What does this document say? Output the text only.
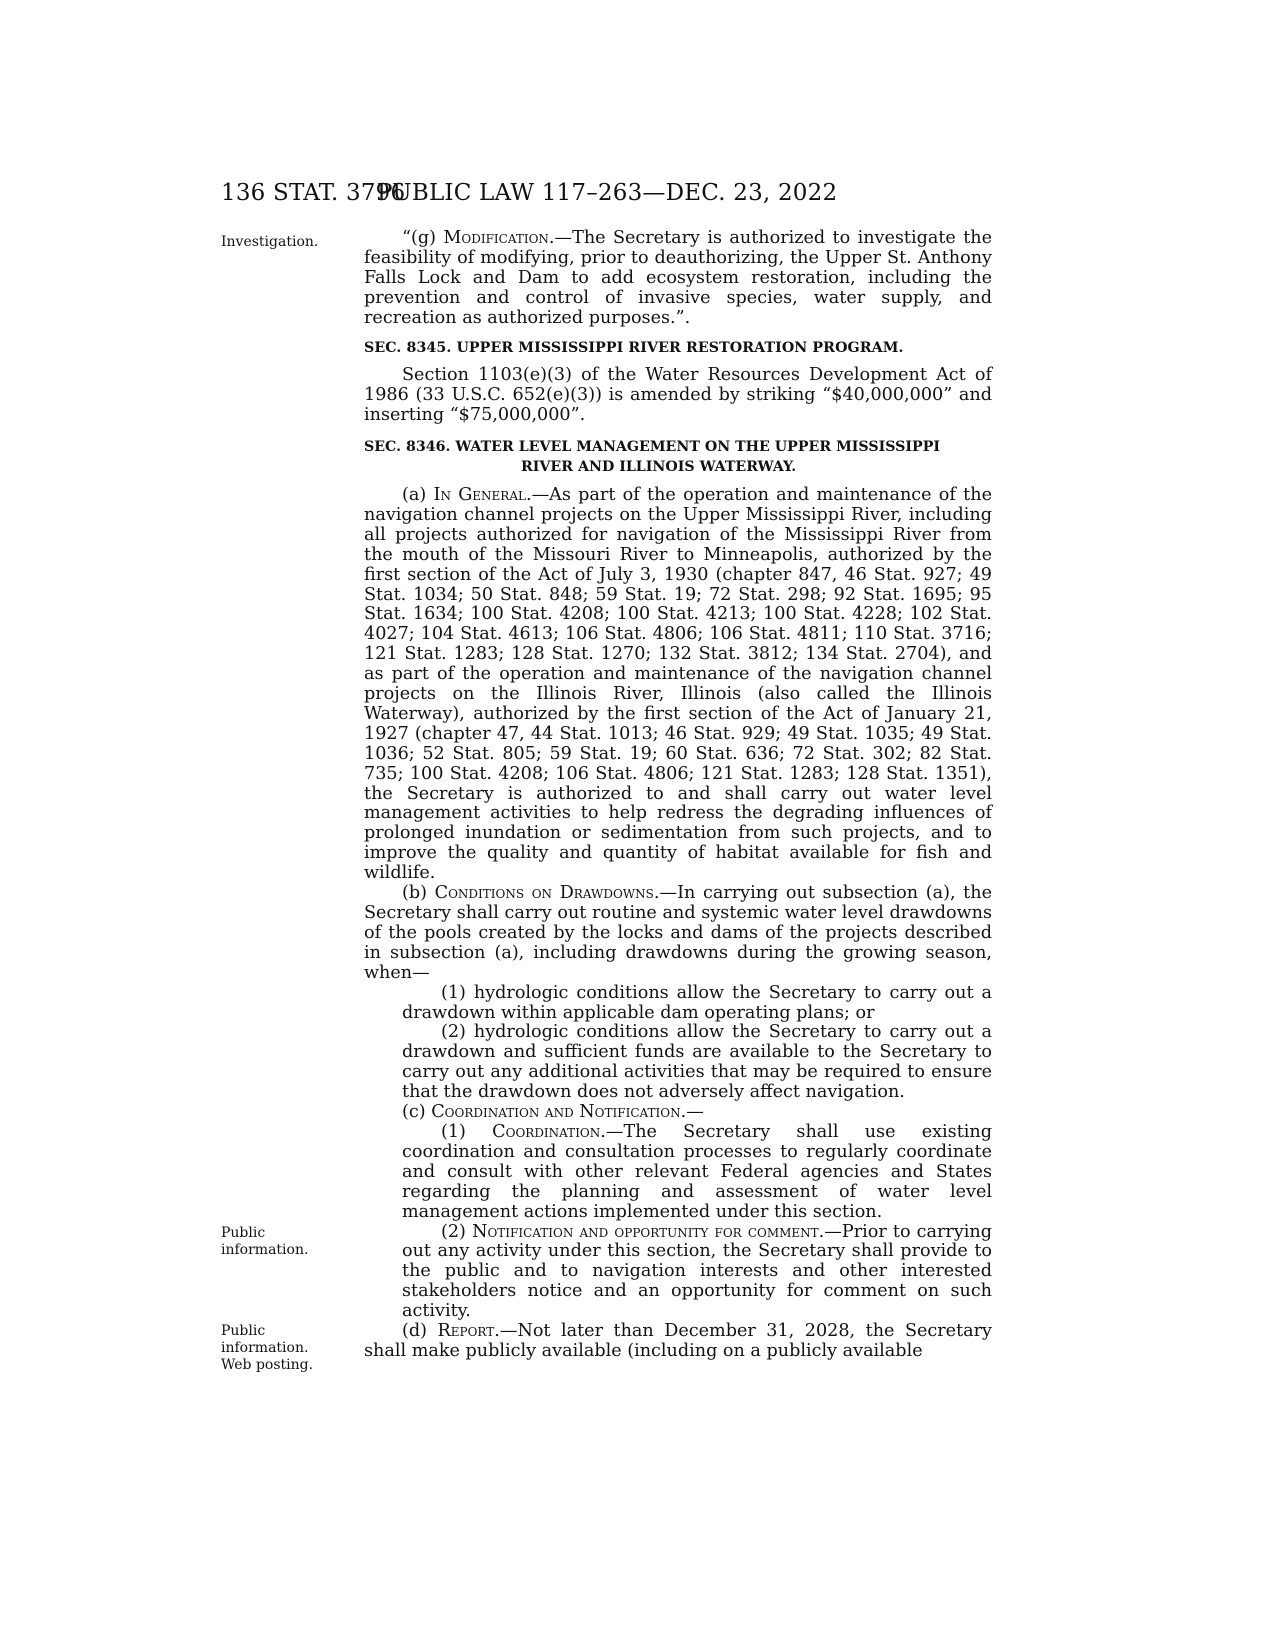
136 STAT. 3796
PUBLIC LAW 117–263—DEC. 23, 2022
Investigation.
Public
information.
Public
information.
Web posting.

“(g) Modification.—The Secretary is authorized to investigate the feasibility of modifying, prior to deauthorizing, the Upper St. Anthony Falls Lock and Dam to add ecosystem restoration, including the prevention and control of invasive species, water supply, and recreation as authorized purposes.”.

SEC. 8345. UPPER MISSISSIPPI RIVER RESTORATION PROGRAM.

Section 1103(e)(3) of the Water Resources Development Act of 1986 (33 U.S.C. 652(e)(3)) is amended by striking “$40,000,000” and inserting “$75,000,000”.

SEC. 8346. WATER LEVEL MANAGEMENT ON THE UPPER MISSISSIPPI
RIVER AND ILLINOIS WATERWAY.

(a) In General.—As part of the operation and maintenance of the navigation channel projects on the Upper Mississippi River, including all projects authorized for navigation of the Mississippi River from the mouth of the Missouri River to Minneapolis, authorized by the first section of the Act of July 3, 1930 (chapter 847, 46 Stat. 927; 49 Stat. 1034; 50 Stat. 848; 59 Stat. 19; 72 Stat. 298; 92 Stat. 1695; 95 Stat. 1634; 100 Stat. 4208; 100 Stat. 4213; 100 Stat. 4228; 102 Stat. 4027; 104 Stat. 4613; 106 Stat. 4806; 106 Stat. 4811; 110 Stat. 3716; 121 Stat. 1283; 128 Stat. 1270; 132 Stat. 3812; 134 Stat. 2704), and as part of the operation and maintenance of the navigation channel projects on the Illinois River, Illinois (also called the Illinois Waterway), authorized by the first section of the Act of January 21, 1927 (chapter 47, 44 Stat. 1013; 46 Stat. 929; 49 Stat. 1035; 49 Stat. 1036; 52 Stat. 805; 59 Stat. 19; 60 Stat. 636; 72 Stat. 302; 82 Stat. 735; 100 Stat. 4208; 106 Stat. 4806; 121 Stat. 1283; 128 Stat. 1351), the Secretary is authorized to and shall carry out water level management activities to help redress the degrading influences of prolonged inundation or sedimentation from such projects, and to improve the quality and quantity of habitat available for fish and wildlife.

(b) Conditions on Drawdowns.—In carrying out subsection (a), the Secretary shall carry out routine and systemic water level drawdowns of the pools created by the locks and dams of the projects described in subsection (a), including drawdowns during the growing season, when—

(1) hydrologic conditions allow the Secretary to carry out a drawdown within applicable dam operating plans; or

(2) hydrologic conditions allow the Secretary to carry out a drawdown and sufficient funds are available to the Secretary to carry out any additional activities that may be required to ensure that the drawdown does not adversely affect navigation.

(c) Coordination and Notification.—

(1) Coordination.—The Secretary shall use existing coordination and consultation processes to regularly coordinate and consult with other relevant Federal agencies and States regarding the planning and assessment of water level management actions implemented under this section.

(2) Notification and opportunity for comment.—Prior to carrying out any activity under this section, the Secretary shall provide to the public and to navigation interests and other interested stakeholders notice and an opportunity for comment on such activity.

(d) Report.—Not later than December 31, 2028, the Secretary shall make publicly available (including on a publicly available
